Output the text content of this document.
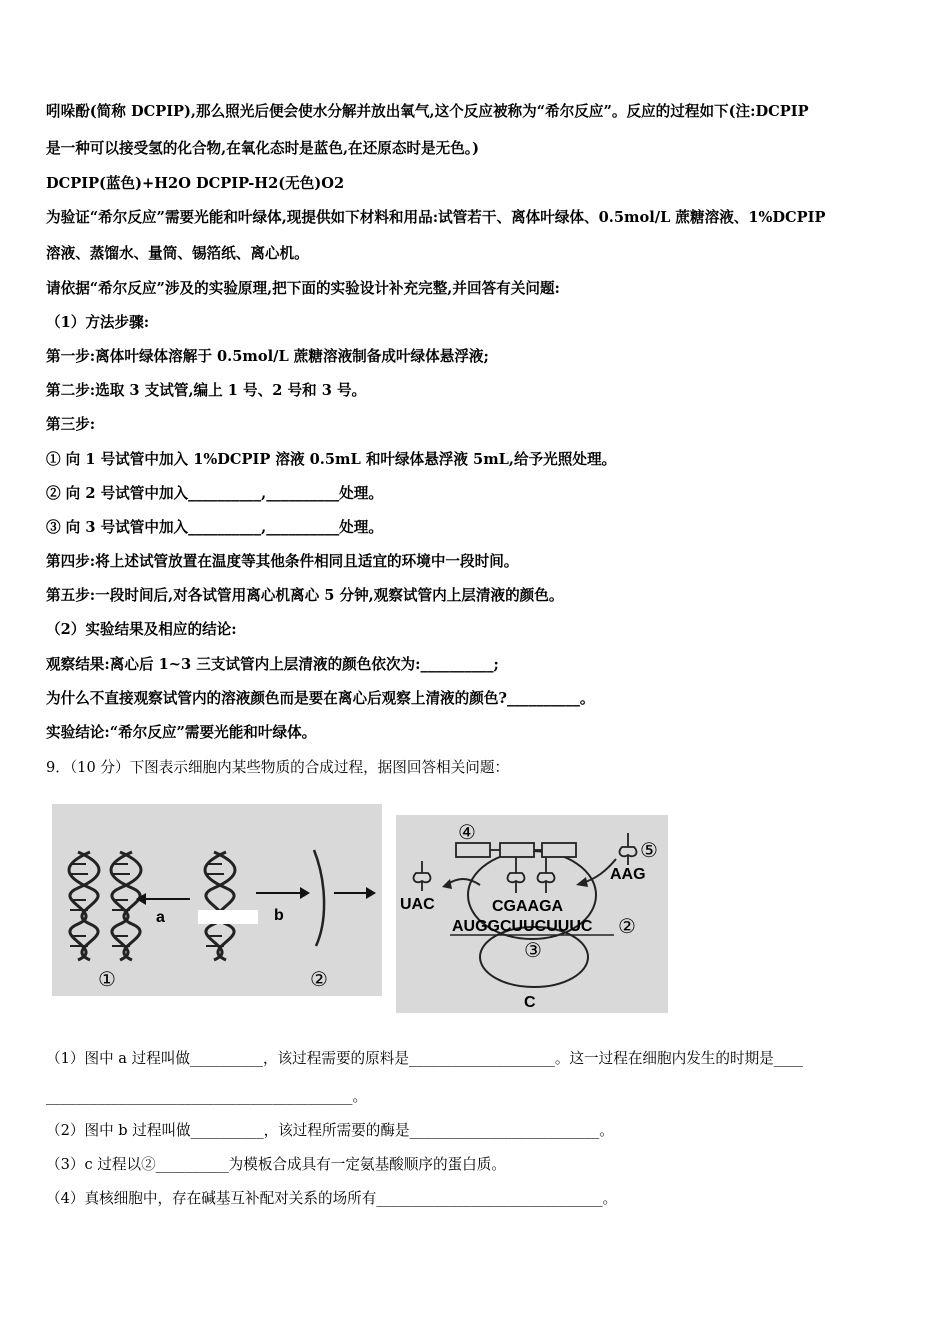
吲哚酚(简称 DCPIP),那么照光后便会使水分解并放出氧气,这个反应被称为“希尔反应”。反应的过程如下(注:DCPIP
是一种可以接受氢的化合物,在氧化态时是蓝色,在还原态时是无色。)
DCPIP(蓝色)+H2O DCPIP-H2(无色)O2
为验证“希尔反应”需要光能和叶绿体,现提供如下材料和用品:试管若干、离体叶绿体、0.5mol/L 蔗糖溶液、1%DCPIP
溶液、蒸馏水、量筒、锡箔纸、离心机。
请依据“希尔反应”涉及的实验原理,把下面的实验设计补充完整,并回答有关问题:
（1）方法步骤:
第一步:离体叶绿体溶解于 0.5mol/L 蔗糖溶液制备成叶绿体悬浮液;
第二步:选取 3 支试管,编上 1 号、2 号和 3 号。
第三步:
① 向 1 号试管中加入 1%DCPIP 溶液 0.5mL 和叶绿体悬浮液 5mL,给予光照处理。
② 向 2 号试管中加入__________,__________处理。
③ 向 3 号试管中加入__________,__________处理。
第四步:将上述试管放置在温度等其他条件相同且适宜的环境中一段时间。
第五步:一段时间后,对各试管用离心机离心 5 分钟,观察试管内上层清液的颜色。
（2）实验结果及相应的结论:
观察结果:离心后 1~3 三支试管内上层清液的颜色依次为:__________;
为什么不直接观察试管内的溶液颜色而是要在离心后观察上清液的颜色?__________。
实验结论:“希尔反应”需要光能和叶绿体。
9．（10 分）下图表示细胞内某些物质的合成过程，据图回答相关问题：
a	b
①	②
④
⑤
UAC
AAG
CGAAGA
AUGGCUUCUUUC ②
③
C
（1）图中 a 过程叫做__________，该过程需要的原料是____________________。这一过程在细胞内发生的时期是____
__________________________________________。
（2）图中 b 过程叫做__________，该过程所需要的酶是__________________________。
（3）c 过程以②__________为模板合成具有一定氨基酸顺序的蛋白质。
（4）真核细胞中，存在碱基互补配对关系的场所有_______________________________。
